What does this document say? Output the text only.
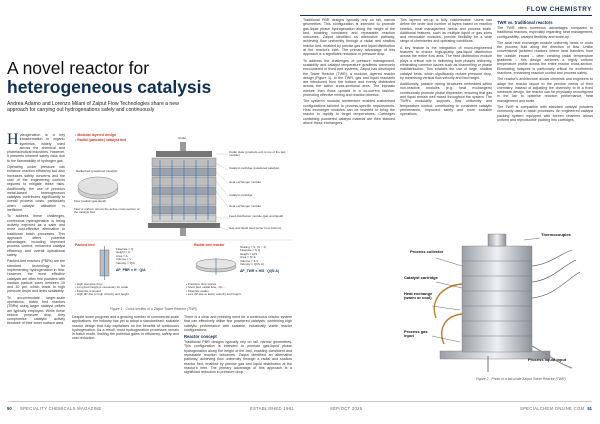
FLOW CHEMISTRY
A novel reactor for
heterogeneous catalysis
Andrea Adamo and Lorenzo Milani of Zaiput Flow Technologies share a new approach for carrying out hydrogenations safely and continuously

Hydrogenation is a key transformation in organic synthesis, widely used across the chemical and pharmaceutical industries. However, it presents inherent safety risks due to the flammability of hydrogen gas.

Operating under pressure can enhance reaction efficiency but also increases safety concerns and the cost of the engineering controls required to mitigate these risks. Additionally, the use of precious metal-based heterogeneous catalysts contributes significantly to overall process costs, particularly when catalyst utilisation is inefficient.

To address these challenges, continuous hydrogenation is being actively explored as a safer and more cost-effective alternative to traditional batch processes. This approach offers potential advantages, including improved process control, enhanced catalyst efficiency and overall operational safety.

Packed-bed reactors (PBRs) are the standard technology for implementing hydrogenation in flow. However, the most effective catalysts are often fine powders with median particle sizes between 10 and 30 µm, which leads to high pressure drops and limits scalability.

To accommodate larger-scale operations, trickle bed reactors (TBRs) using larger catalyst pellets are typically employed. While these reduce pressure drop, they compromise catalytic activity because of their lower surface area.

• Modular layered design
• Radial (pancake) catalyst bed	Outlet
Outlet plate (products exit to top of the last module)
Catalyst cartridge (powdered catalyst)
Heat exchanger module
Catalyst cartridge
Heat exchanger module
Feed distribution module (gas and liquid)
Gas and liquid feed (enter from bottom)
Radial bed (powdered catalyst)
Flow (radial) (gas-liquid)
Flow is uniform across the active cross-section of the catalyst bed
Packed bed
Flowrate = Q
Height = H
Area = A
Volume = V
Velocity = Q/A
ΔP_PBR ∝ H · Q/A
Radial bed reactor	Scaling = S, (S > 1)
Flowrate = S·Q
Height = H/S
Area = S²·A
Volume = S·V
Velocity = Q/(S·A)
ΔP_TWR ∝ H/S · Q/(S·A)
• High pressure drop
• Long bed height is necessary for scale
• Flowrate is limited
• High dP due to high velocity and height
• Pressure drop scales
• Short bed, radial flow, ~5x ...
• Flowrate scales
• Low dP due to lower velocity and height
Figure 1 - Cross-section of a Zaiput Tower Reactor (TWR)

Despite some progress and a growing number of commercial-scale applications, the industry has yet to adopt a standardised, scalable reactor design that fully capitalises on the benefits of continuous hydrogenation. As a result, most hydrogenation processes remain in batch mode, limiting the potential gains in efficiency, safety and cost reduction.

There is a clear and pressing need for a continuous reactor system that can effectively utilise fine powdered catalysts, combining high catalytic performance with scalable, industrially viable reactor configurations.

Reactor concept

Traditional PBR designs typically rely on tall, narrow geometries. This configuration is intended to promote gas-liquid phase hydrogenation along the height of the bed, enabling consistent and repeatable reaction outcomes. Zaiput identified an alternative pathway, achieving flow uniformity through a radial and shallow reactor bed, enabled by precise gas and liquid distribution at the reactor's inlet. The primary advantage of this approach is a significant reduction in pressure drop.

Traditional PBR designs typically rely on tall, narrow geometries. This configuration is intended to promote gas-liquid phase hydrogenation along the height of the bed, enabling consistent and repeatable reaction outcomes. Zaiput identified an alternative pathway, achieving flow uniformity through a radial and shallow reactor bed, enabled by precise gas and liquid distribution at the reactor's inlet. The primary advantage of this approach is a significant reduction in pressure drop.

To address the challenges of pressure management, scalability and catalyst temperature gradients commonly encountered in fixed bed systems, Zaiput has developed the Tower Reactor (TWR), a modular, layered reactor design (Figure 1). In the TWR, gas and liquid reactants are introduced from the bottom and evenly distributed across the active cross-sectional area. The biphasic mixture then flows upward in a co-current fashion, promoting effective mixing and reaction kinetics.

The system's modular architecture enables customised configurations tailored to process-specific requirements. Heat exchanger modules can be inserted to bring the reactor to rapidly to target temperatures. Cartridges containing powdered catalyst material are then stacked above these exchangers.

This layered set-up is fully customisable. Users can define the order and number of layers based on reaction kinetics, heat management needs and process scale. Additional features, such as multiple liquid or gas inlets and removable modules, provide flexibility for a wide range of chemistries and operating conditions.

A key feature is the integration of micro-engineered features to ensure high-quality gas-liquid distribution across the entire flow area. The feed distribution module plays a critical role in delivering both phases uniformly, eliminating common issues such as channelling or phase maldistribution. This enables the use of large, shallow catalyst beds, which significantly reduce pressure drop, by minimising vertical flow velocity and bed height.

Additionally, passive mixing structures embedded within non-reactive modules (e.g. heat exchangers) continuously promote phase dispersion, ensuring that gas and liquid remain well mixed throughout the system. The TWR's modularity supports flow uniformity and temperature control, contributing to consistent catalytic performance, improved safety and more scalable operations.

TWR vs. traditional reactors

The TWR offers numerous advantages compared to traditional reactors, especially regarding heat management, configurability, catalyst flexibility and scale-up.

The axial heat exchanger module uniformly heats or cools the process fluid along the direction of flow. Unlike conventional jacketed reactors where heat transfers from the outside inward – often creating radial temperature gradients – this design achieves a highly uniform temperature profile across the entire reactor cross-section. Eliminating hotspots is particularly critical for exothermic reactions, enhancing reaction control and process safety.

The reactor's architecture allows chemists and engineers to adapt the reactor layout to the precise needs of their chemistry. Instead of adjusting the chemistry to fit a fixed hardware design, the reactor can be physically reconfigured in the lab to optimise reaction performance, heat management and scale.

The TWR is compatible with standard catalyst powders commonly used in batch processes. An engineered catalyst packing system equipped with screen retainers allows uniform and reproducible packing into cartridges,

Process collector
Thermocouples
Catalyst cartridge
Heat exchange (warm or cool)
Process gas input
Process liquid input
Figure 2 - Photo of a lab-scale Zaiput Tower Reactor (TWR)
50 SPECIALITY CHEMICALS MAGAZINE	ESTABLISHED 1981	SEP/OCT 2025	SPECIALCHEM ONLINE.COM 51
